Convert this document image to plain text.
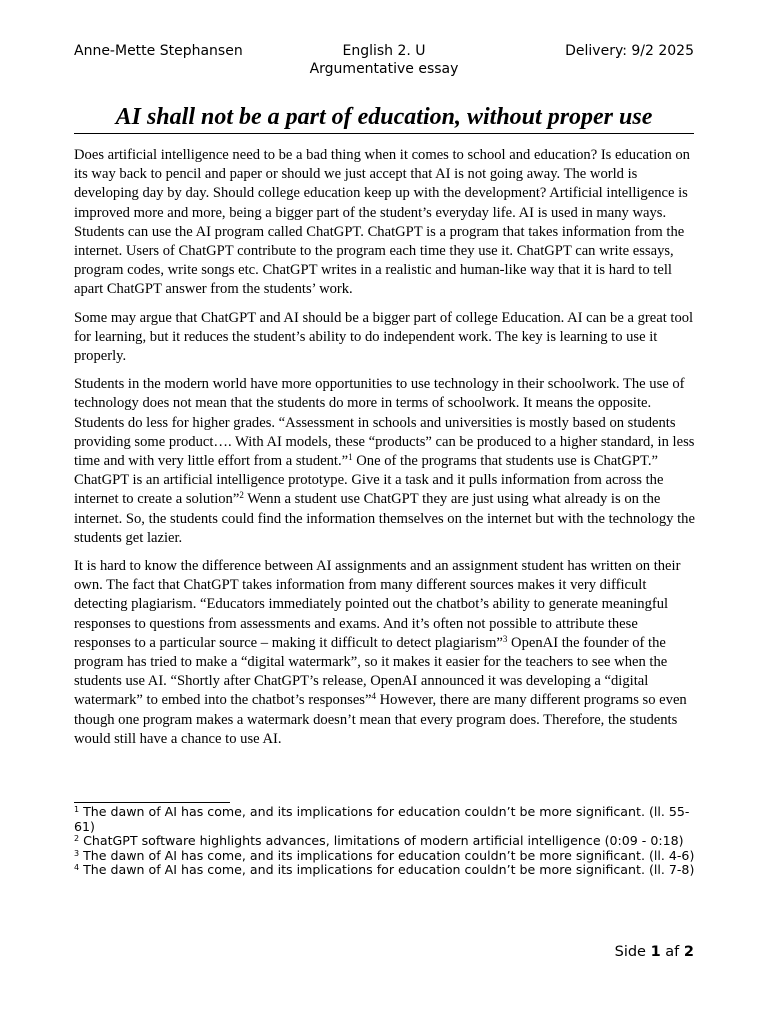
Anne-Mette Stephansen	English 2. U
Argumentative essay
Delivery: 9/2 2025
AI shall not be a part of education, without proper use

Does artificial intelligence need to be a bad thing when it comes to school and education? Is education on its way back to pencil and paper or should we just accept that AI is not going away. The world is developing day by day. Should college education keep up with the development? Artificial intelligence is improved more and more, being a bigger part of the student’s everyday life. AI is used in many ways. Students can use the AI program called ChatGPT. ChatGPT is a program that takes information from the internet. Users of ChatGPT contribute to the program each time they use it. ChatGPT can write essays, program codes, write songs etc. ChatGPT writes in a realistic and human-like way that it is hard to tell apart ChatGPT answer from the students’ work.

Some may argue that ChatGPT and AI should be a bigger part of college Education. AI can be a great tool for learning, but it reduces the student’s ability to do independent work. The key is learning to use it properly.

Students in the modern world have more opportunities to use technology in their schoolwork. The use of technology does not mean that the students do more in terms of schoolwork. It means the opposite. Students do less for higher grades. “Assessment in schools and universities is mostly based on students providing some product…. With AI models, these “products” can be produced to a higher standard, in less time and with very little effort from a student.”$^1$ One of the programs that students use is ChatGPT.” ChatGPT is an artificial intelligence prototype. Give it a task and it pulls information from across the internet to create a solution”$^2$ Wenn a student use ChatGPT they are just using what already is on the internet. So, the students could find the information themselves on the internet but with the technology the students get lazier.

It is hard to know the difference between AI assignments and an assignment student has written on their own. The fact that ChatGPT takes information from many different sources makes it very difficult detecting plagiarism. “Educators immediately pointed out the chatbot’s ability to generate meaningful responses to questions from assessments and exams. And it’s often not possible to attribute these responses to a particular source – making it difficult to detect plagiarism”$^3$ OpenAI the founder of the program has tried to make a “digital watermark”, so it makes it easier for the teachers to see when the students use AI. “Shortly after ChatGPT’s release, OpenAI announced it was developing a “digital watermark” to embed into the chatbot’s responses”$^4$ However, there are many different programs so even though one program makes a watermark doesn’t mean that every program does. Therefore, the students would still have a chance to use AI.

$^1$ The dawn of AI has come, and its implications for education couldn’t be more significant. (ll. 55-61)
$^2$ ChatGPT software highlights advances, limitations of modern artificial intelligence (0:09 - 0:18)
$^3$ The dawn of AI has come, and its implications for education couldn’t be more significant. (ll. 4-6)
$^4$ The dawn of AI has come, and its implications for education couldn’t be more significant. (ll. 7-8)
Side 1 af 2
